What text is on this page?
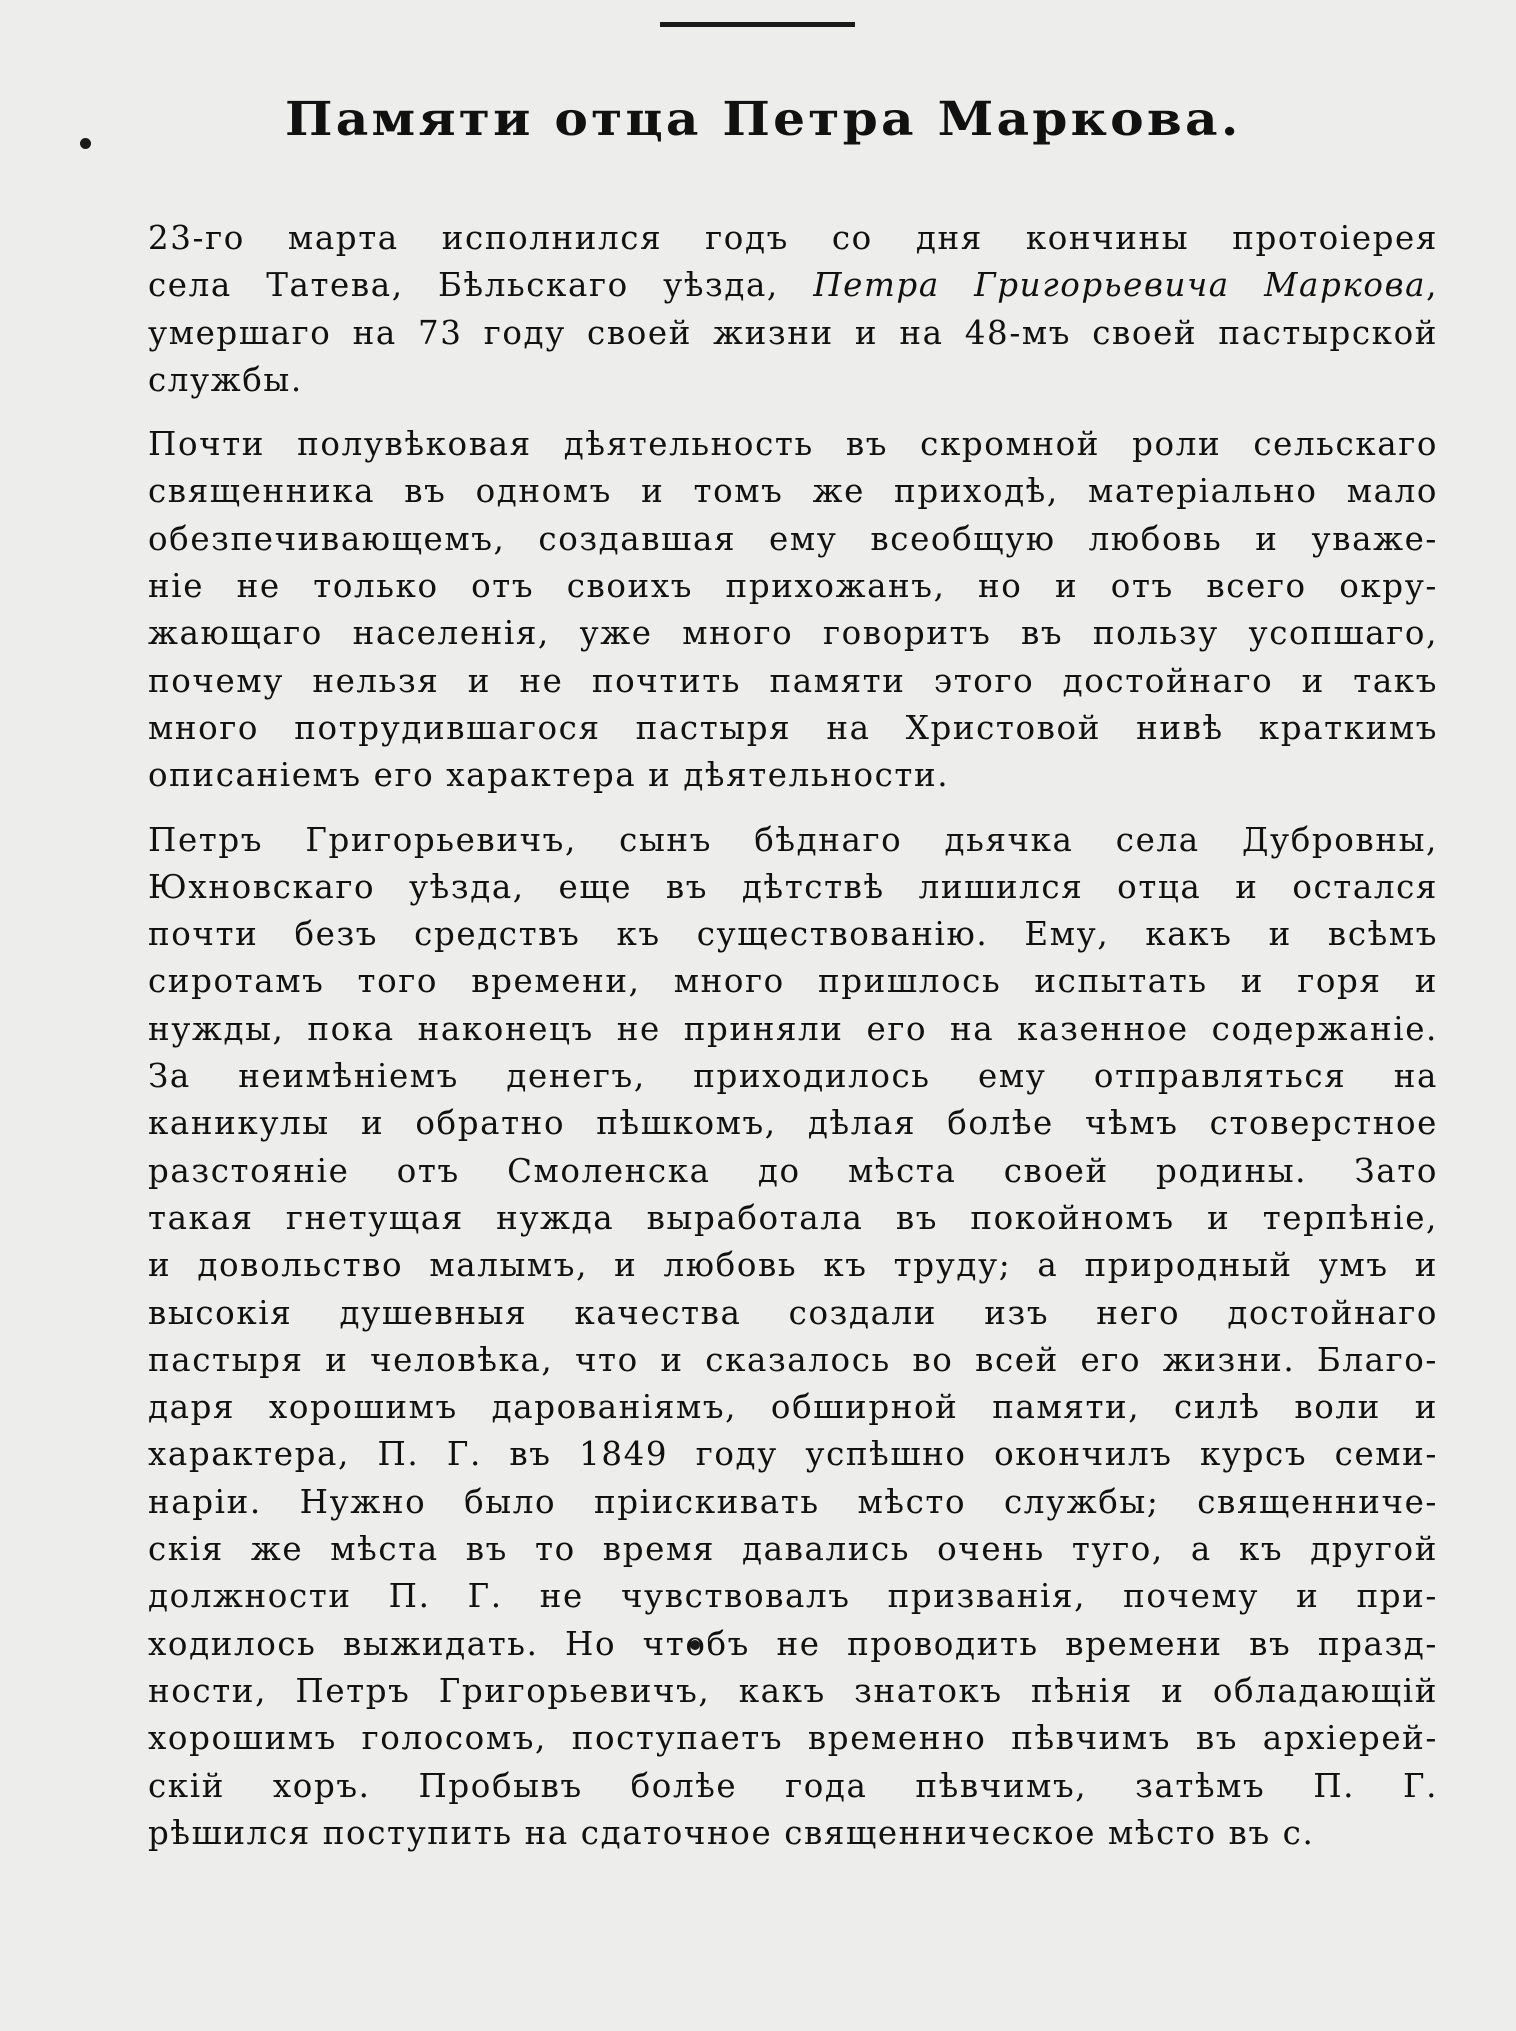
Памяти отца Петра Маркова.
23-го марта исполнился годъ со дня кончины протоіерея
села Татева, Бѣльскаго уѣзда, Петра Григорьевича Маркова,
умершаго на 73 году своей жизни и на 48-мъ своей пастырской
службы.
Почти полувѣковая дѣятельность въ скромной роли сельскаго
священника въ одномъ и томъ же приходѣ, матеріально мало
обезпечивающемъ, создавшая ему всеобщую любовь и уваже-
ніе не только отъ своихъ прихожанъ, но и отъ всего окру-
жающаго населенія, уже много говоритъ въ пользу усопшаго,
почему нельзя и не почтить памяти этого достойнаго и такъ
много потрудившагося пастыря на Христовой нивѣ краткимъ
описаніемъ его характера и дѣятельности.
Петръ Григорьевичъ, сынъ бѣднаго дьячка села Дубровны,
Юхновскаго уѣзда, еще въ дѣтствѣ лишился отца и остался
почти безъ средствъ къ существованію. Ему, какъ и всѣмъ
сиротамъ того времени, много пришлось испытать и горя и
нужды, пока наконецъ не приняли его на казенное содержаніе.
За неимѣніемъ денегъ, приходилось ему отправляться на
каникулы и обратно пѣшкомъ, дѣлая болѣе чѣмъ стоверстное
разстояніе отъ Смоленска до мѣста своей родины. Зато
такая гнетущая нужда выработала въ покойномъ и терпѣніе,
и довольство малымъ, и любовь къ труду; а природный умъ и
высокія душевныя качества создали изъ него достойнаго
пастыря и человѣка, что и сказалось во всей его жизни. Благо-
даря хорошимъ дарованіямъ, обширной памяти, силѣ воли и
характера, П. Г. въ 1849 году успѣшно окончилъ курсъ семи-
наріи. Нужно было пріискивать мѣсто службы; священниче-
скія же мѣста въ то время давались очень туго, а къ другой
должности П. Г. не чувствовалъ призванія, почему и при-
ходилось выжидать. Но чтобъ не проводить времени въ празд-
ности, Петръ Григорьевичъ, какъ знатокъ пѣнія и обладающій
хорошимъ голосомъ, поступаетъ временно пѣвчимъ въ архіерей-
скій хоръ. Пробывъ болѣе года пѣвчимъ, затѣмъ П. Г.
рѣшился поступить на сдаточное священническое мѣсто въ с.
